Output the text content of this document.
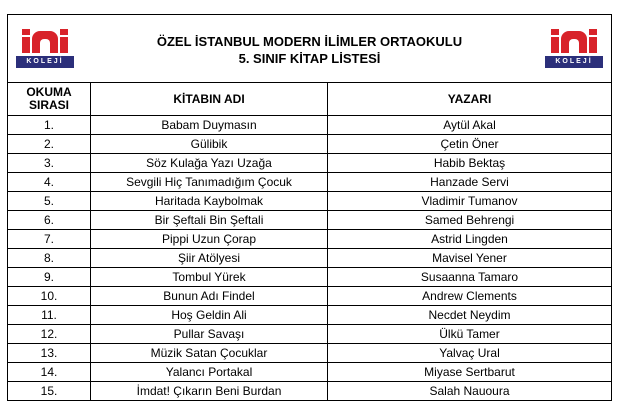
KOLEJİ
ÖZEL İSTANBUL MODERN İLİMLER ORTAOKULU
5. SINIF KİTAP LİSTESİ KOLEJİ		

OKUMA
SIRASI	KİTABIN ADI	YAZARI
1.	Babam Duymasın	Aytül Akal
2.	Gülibik	Çetin Öner
3.	Söz Kulağa Yazı Uzağa	Habib Bektaş
4.	Sevgili Hiç Tanımadığım Çocuk	Hanzade Servi
5.	Haritada Kaybolmak	Vladimir Tumanov
6.	Bir Şeftali Bin Şeftali	Samed Behrengi
7.	Pippi Uzun Çorap	Astrid Lingden
8.	Şiir Atölyesi	Mavisel Yener
9.	Tombul Yürek	Susaanna Tamaro
10.	Bunun Adı Findel	Andrew Clements
11.	Hoş Geldin Ali	Necdet Neydim
12.	Pullar Savaşı	Ülkü Tamer
13.	Müzik Satan Çocuklar	Yalvaç Ural
14.	Yalancı Portakal	Miyase Sertbarut
15.	İmdat! Çıkarın Beni Burdan	Salah Nauoura
